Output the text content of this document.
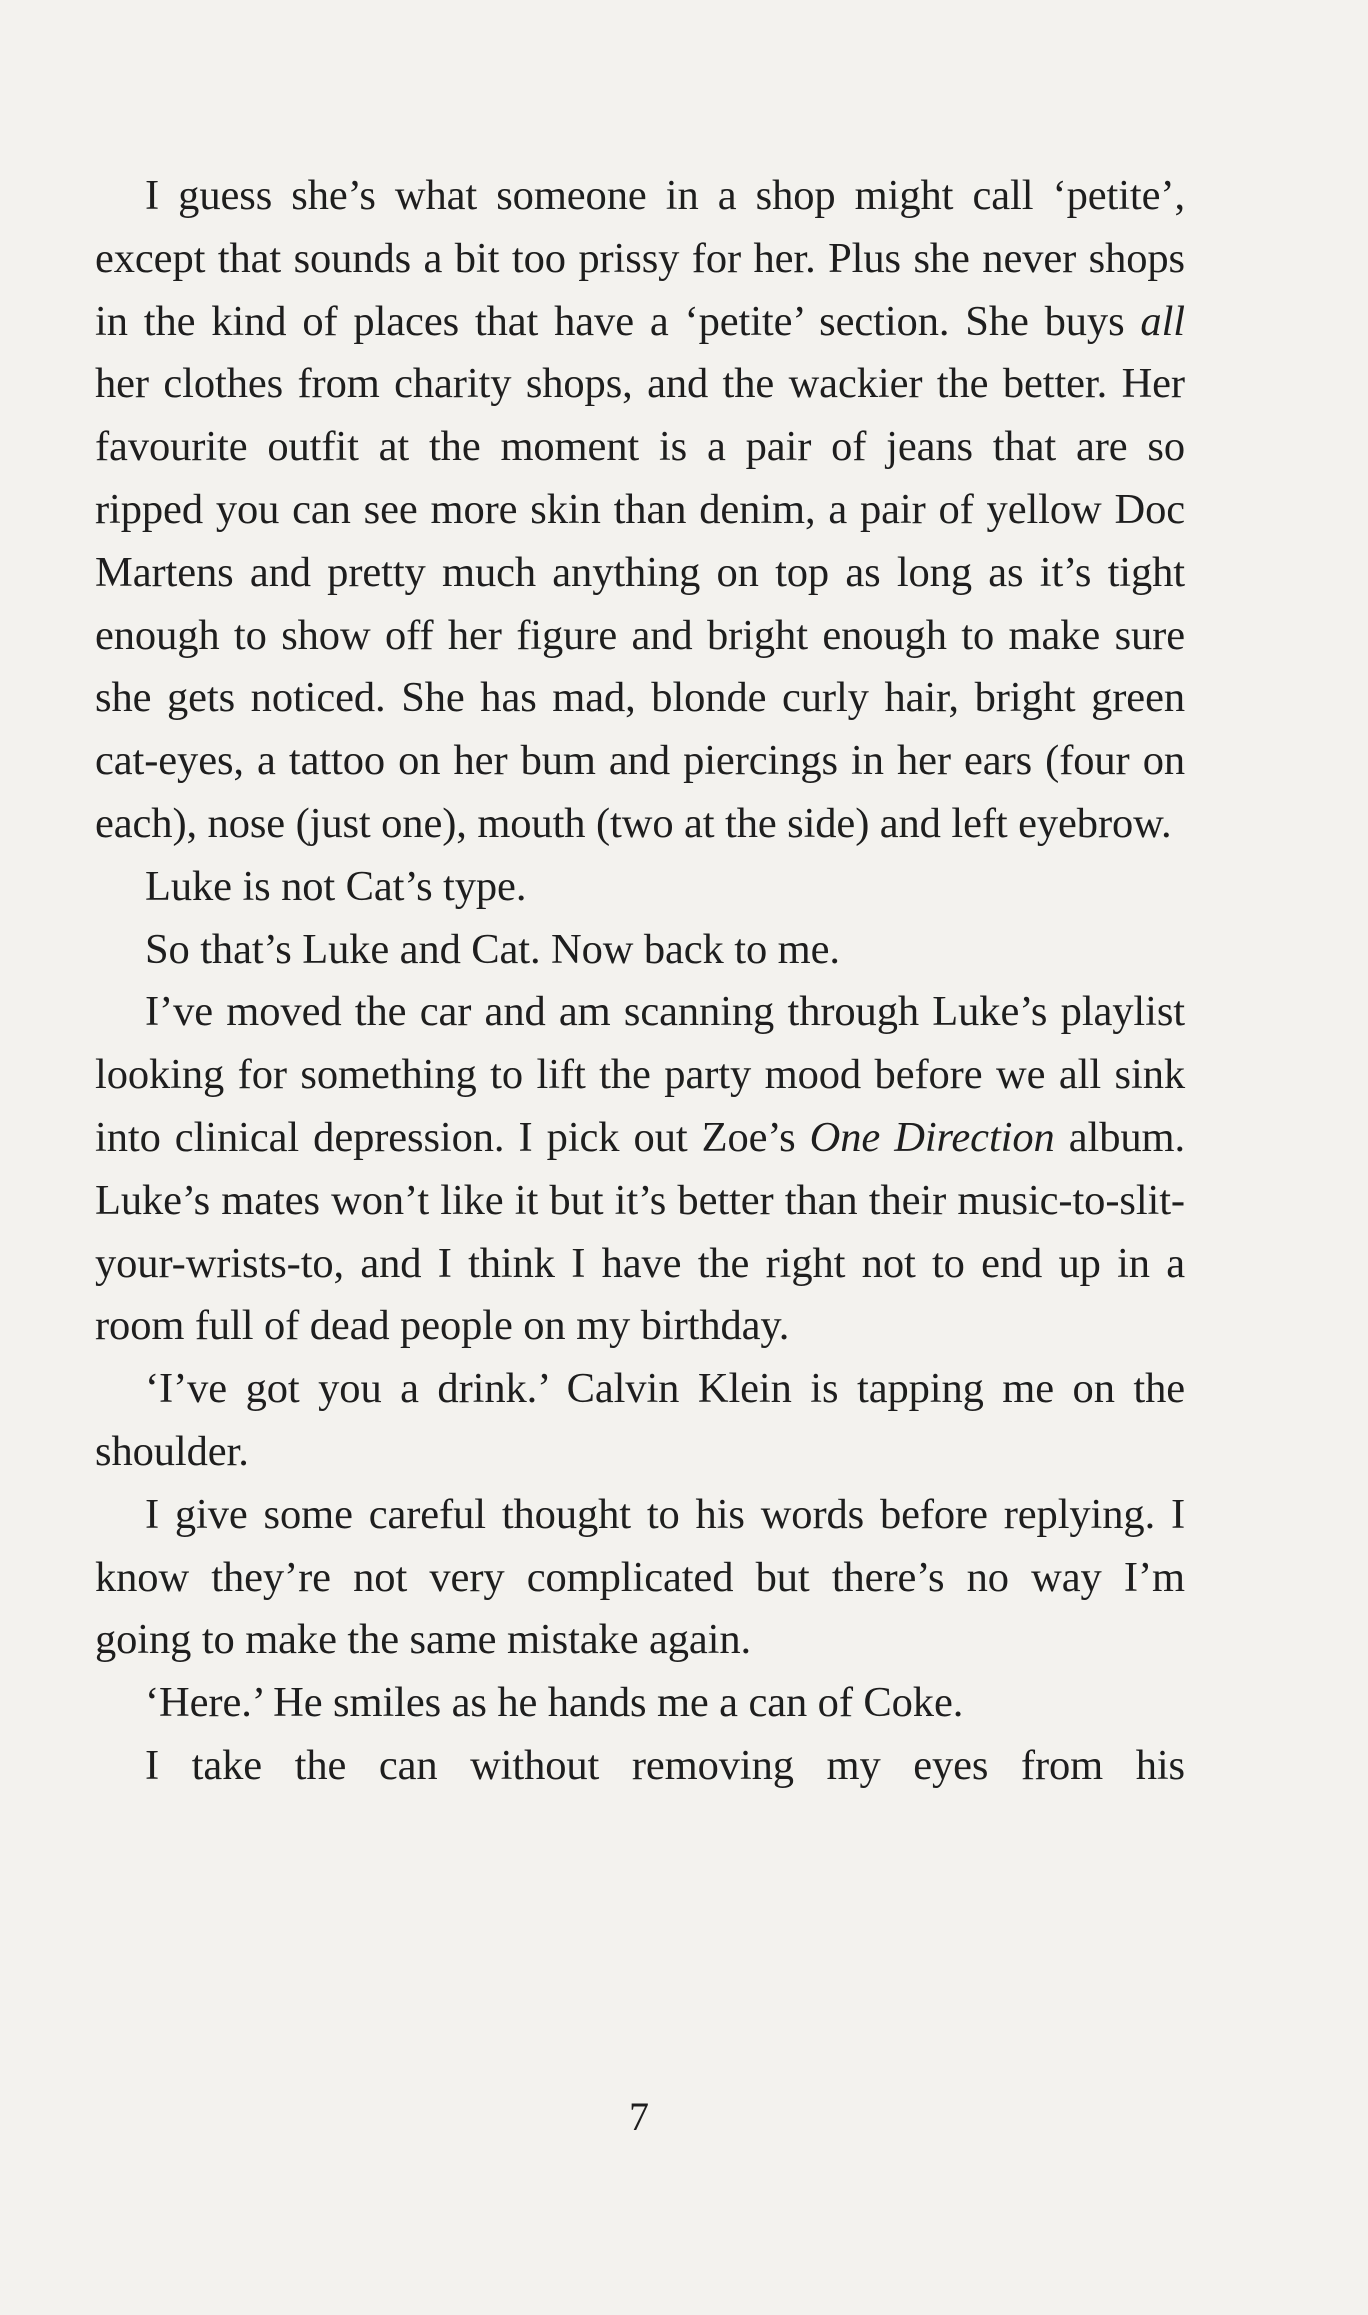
I guess she’s what someone in a shop might call ‘petite’, except that sounds a bit too prissy for her. Plus she never shops in the kind of places that have a ‘petite’ section. She buys all her clothes from charity shops, and the wackier the better. Her favourite outfit at the moment is a pair of jeans that are so ripped you can see more skin than denim, a pair of yellow Doc Martens and pretty much anything on top as long as it’s tight enough to show off her figure and bright enough to make sure she gets noticed. She has mad, blonde curly hair, bright green cat-eyes, a tattoo on her bum and piercings in her ears (four on each), nose (just one), mouth (two at the side) and left eyebrow.

Luke is not Cat’s type.

So that’s Luke and Cat. Now back to me.

I’ve moved the car and am scanning through Luke’s playlist looking for something to lift the party mood before we all sink into clinical depression. I pick out Zoe’s One Direction album. Luke’s mates won’t like it but it’s better than their music-to-slit-your-wrists-to, and I think I have the right not to end up in a room full of dead people on my birthday.

‘I’ve got you a drink.’ Calvin Klein is tapping me on the shoulder.

I give some careful thought to his words before replying. I know they’re not very complicated but there’s no way I’m going to make the same mistake again.

‘Here.’ He smiles as he hands me a can of Coke.

I take the can without removing my eyes from his

7
